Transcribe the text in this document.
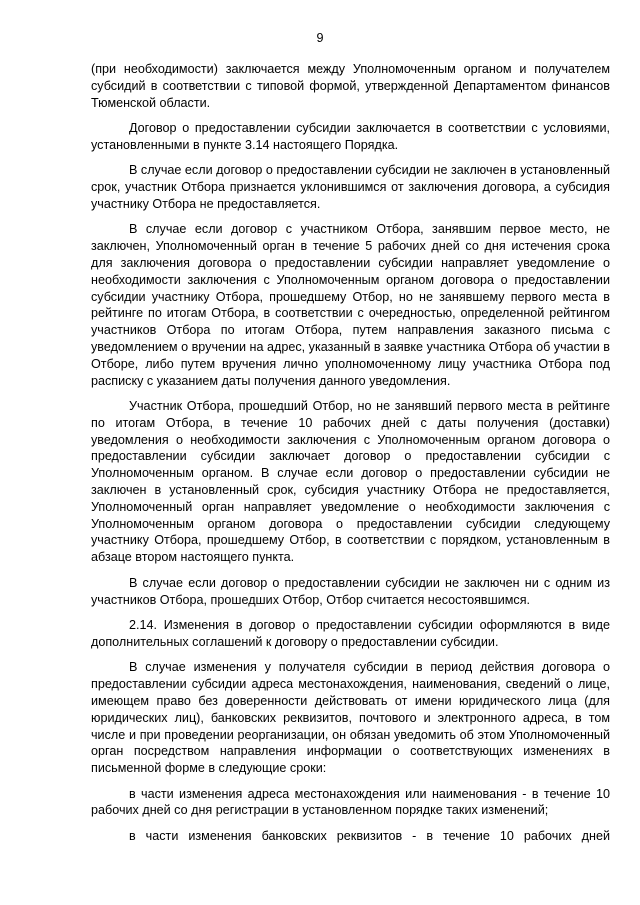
9

(при необходимости) заключается между Уполномоченным органом и получателем субсидий в соответствии с типовой формой, утвержденной Департаментом финансов Тюменской области.

Договор о предоставлении субсидии заключается в соответствии с условиями, установленными в пункте 3.14 настоящего Порядка.

В случае если договор о предоставлении субсидии не заключен в установленный срок, участник Отбора признается уклонившимся от заключения договора, а субсидия участнику Отбора не предоставляется.

В случае если договор с участником Отбора, занявшим первое место, не заключен, Уполномоченный орган в течение 5 рабочих дней со дня истечения срока для заключения договора о предоставлении субсидии направляет уведомление о необходимости заключения с Уполномоченным органом договора о предоставлении субсидии участнику Отбора, прошедшему Отбор, но не занявшему первого места в рейтинге по итогам Отбора, в соответствии с очередностью, определенной рейтингом участников Отбора по итогам Отбора, путем направления заказного письма с уведомлением о вручении на адрес, указанный в заявке участника Отбора об участии в Отборе, либо путем вручения лично уполномоченному лицу участника Отбора под расписку с указанием даты получения данного уведомления.

Участник Отбора, прошедший Отбор, но не занявший первого места в рейтинге по итогам Отбора, в течение 10 рабочих дней с даты получения (доставки) уведомления о необходимости заключения с Уполномоченным органом договора о предоставлении субсидии заключает договор о предоставлении субсидии с Уполномоченным органом. В случае если договор о предоставлении субсидии не заключен в установленный срок, субсидия участнику Отбора не предоставляется, Уполномоченный орган направляет уведомление о необходимости заключения с Уполномоченным органом договора о предоставлении субсидии следующему участнику Отбора, прошедшему Отбор, в соответствии с порядком, установленным в абзаце втором настоящего пункта.

В случае если договор о предоставлении субсидии не заключен ни с одним из участников Отбора, прошедших Отбор, Отбор считается несостоявшимся.

2.14. Изменения в договор о предоставлении субсидии оформляются в виде дополнительных соглашений к договору о предоставлении субсидии.

В случае изменения у получателя субсидии в период действия договора о предоставлении субсидии адреса местонахождения, наименования, сведений о лице, имеющем право без доверенности действовать от имени юридического лица (для юридических лиц), банковских реквизитов, почтового и электронного адреса, в том числе и при проведении реорганизации, он обязан уведомить об этом Уполномоченный орган посредством направления информации о соответствующих изменениях в письменной форме в следующие сроки:

в части изменения адреса местонахождения или наименования - в течение 10 рабочих дней со дня регистрации в установленном порядке таких изменений;

в части изменения банковских реквизитов - в течение 10 рабочих дней
